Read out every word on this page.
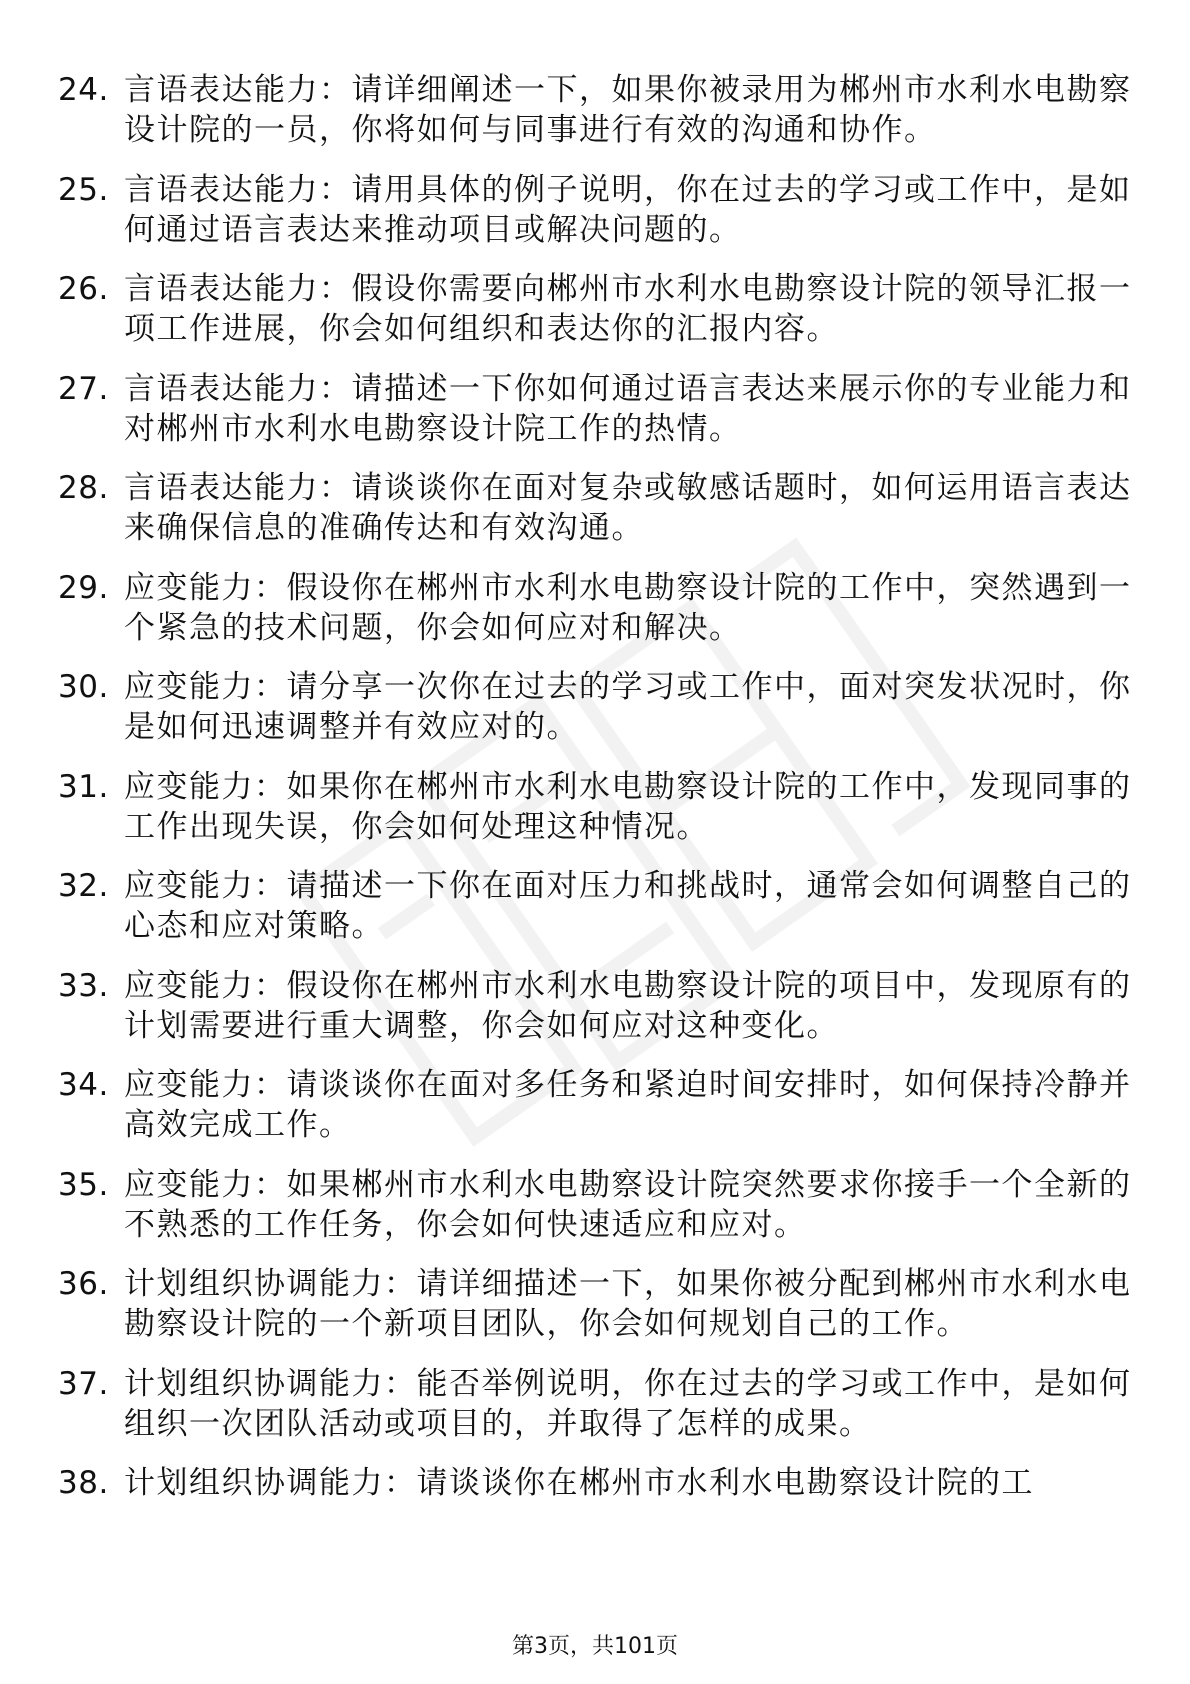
24. 言语表达能力：请详细阐述一下，如果你被录用为郴州市水利水电勘察设计院的一员，你将如何与同事进行有效的沟通和协作。
25. 言语表达能力：请用具体的例子说明，你在过去的学习或工作中，是如何通过语言表达来推动项目或解决问题的。
26. 言语表达能力：假设你需要向郴州市水利水电勘察设计院的领导汇报一项工作进展，你会如何组织和表达你的汇报内容。
27. 言语表达能力：请描述一下你如何通过语言表达来展示你的专业能力和对郴州市水利水电勘察设计院工作的热情。
28. 言语表达能力：请谈谈你在面对复杂或敏感话题时，如何运用语言表达来确保信息的准确传达和有效沟通。
29. 应变能力：假设你在郴州市水利水电勘察设计院的工作中，突然遇到一个紧急的技术问题，你会如何应对和解决。
30. 应变能力：请分享一次你在过去的学习或工作中，面对突发状况时，你是如何迅速调整并有效应对的。
31. 应变能力：如果你在郴州市水利水电勘察设计院的工作中，发现同事的工作出现失误，你会如何处理这种情况。
32. 应变能力：请描述一下你在面对压力和挑战时，通常会如何调整自己的心态和应对策略。
33. 应变能力：假设你在郴州市水利水电勘察设计院的项目中，发现原有的计划需要进行重大调整，你会如何应对这种变化。
34. 应变能力：请谈谈你在面对多任务和紧迫时间安排时，如何保持冷静并高效完成工作。
35. 应变能力：如果郴州市水利水电勘察设计院突然要求你接手一个全新的不熟悉的工作任务，你会如何快速适应和应对。
36. 计划组织协调能力：请详细描述一下，如果你被分配到郴州市水利水电勘察设计院的一个新项目团队，你会如何规划自己的工作。
37. 计划组织协调能力：能否举例说明，你在过去的学习或工作中，是如何组织一次团队活动或项目的，并取得了怎样的成果。
38. 计划组织协调能力：请谈谈你在郴州市水利水电勘察设计院的工
第3页，共101页
